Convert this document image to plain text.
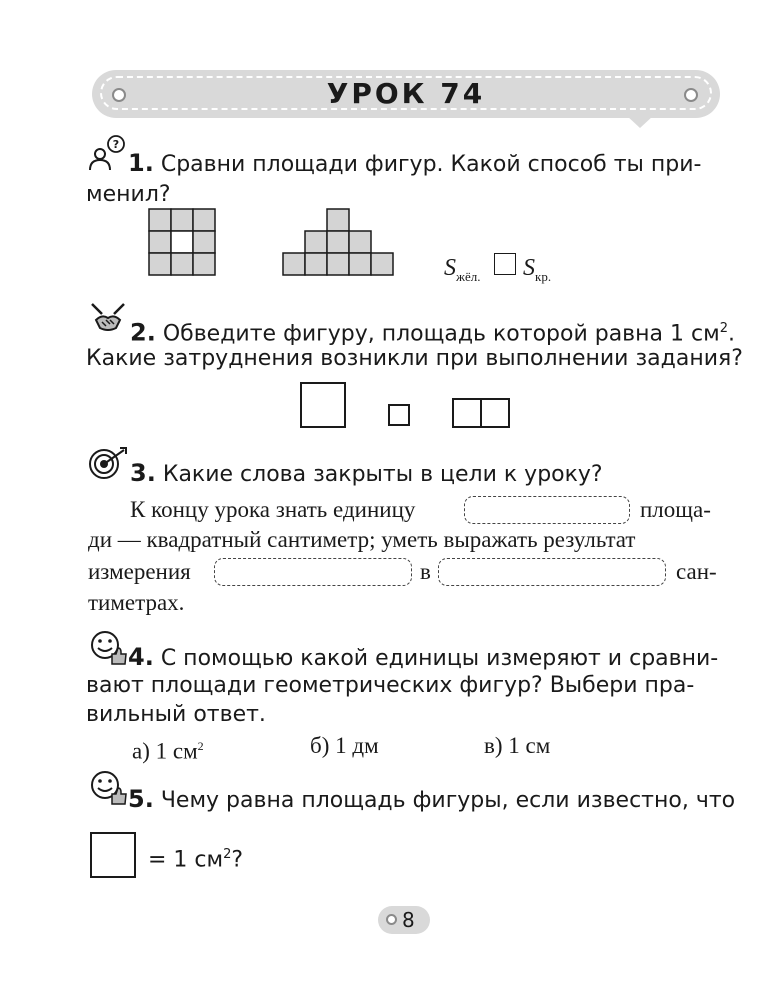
УРОК 74
?
1. Сравни площади фигур. Какой способ ты при-
менил?
$S_{жёл.}$ $S_{кр.}$
2. Обведите фигуру, площадь которой равна 1 $см^2$.
Какие затруднения возникли при выполнении задания?
3. Какие слова закрыты в цели к уроку?
К концу урока знать единицу	площа-
ди — квадратный сантиметр; уметь выражать результат
измерения	в	сан-
тиметрах.
4. С помощью какой единицы измеряют и сравни-
вают площади геометрических фигур? Выбери пра-
вильный ответ.
а) 1 $см^2$	б) 1 дм	в) 1 см
5. Чему равна площадь фигуры, если известно, что
= 1 $см^2$?
8
